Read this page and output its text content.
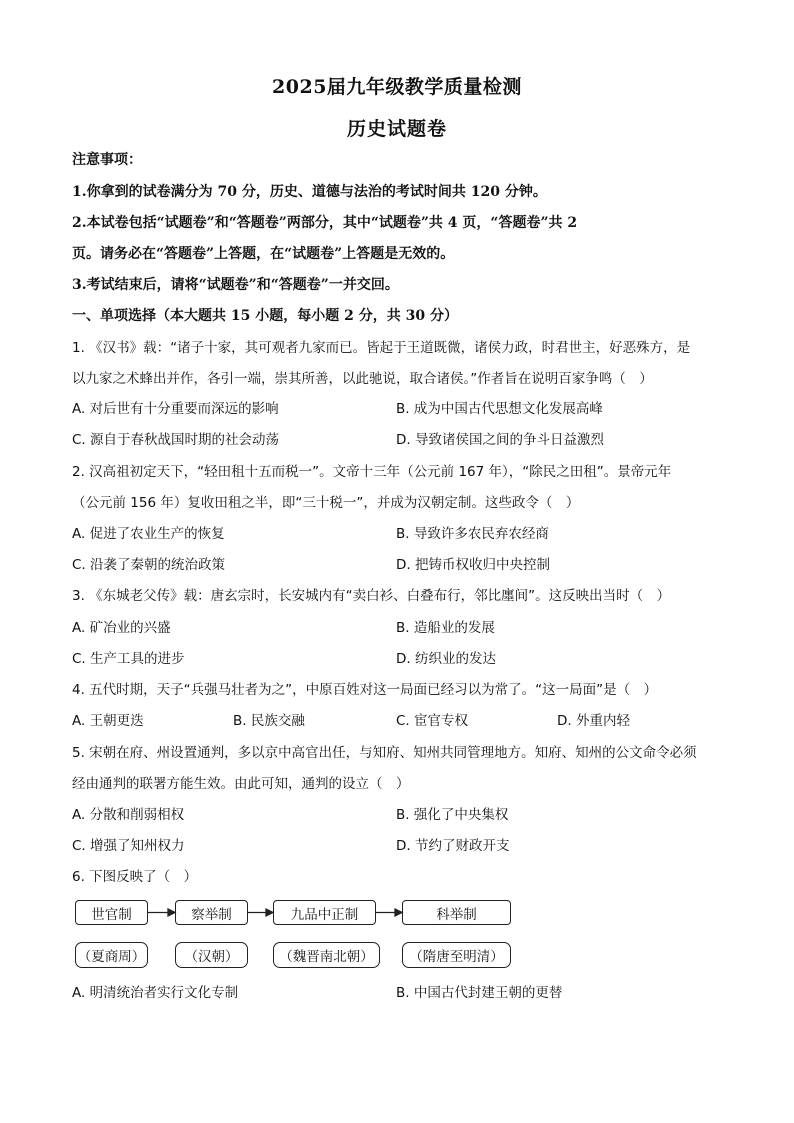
2025届九年级教学质量检测
历史试题卷
注意事项：
1.你拿到的试卷满分为 70 分，历史、道德与法治的考试时间共 120 分钟。
2.本试卷包括“试题卷”和“答题卷”两部分，其中“试题卷”共 4 页，“答题卷”共 2
页。请务必在“答题卷”上答题，在“试题卷”上答题是无效的。
3.考试结束后，请将“试题卷”和“答题卷”一并交回。
一、单项选择（本大题共 15 小题，每小题 2 分，共 30 分）
1. 《汉书》载：“诸子十家，其可观者九家而已。皆起于王道既微，诸侯力政，时君世主，好恶殊方，是
以九家之术蜂出并作，各引一端，崇其所善，以此驰说，取合诸侯。”作者旨在说明百家争鸣（　）
A. 对后世有十分重要而深远的影响	B. 成为中国古代思想文化发展高峰
C. 源自于春秋战国时期的社会动荡	D. 导致诸侯国之间的争斗日益激烈
2. 汉高祖初定天下，“轻田租十五而税一”。文帝十三年（公元前 167 年），“除民之田租”。景帝元年
（公元前 156 年）复收田租之半，即“三十税一”，并成为汉朝定制。这些政令（　）
A. 促进了农业生产的恢复	B. 导致许多农民弃农经商
C. 沿袭了秦朝的统治政策	D. 把铸币权收归中央控制
3. 《东城老父传》载：唐玄宗时，长安城内有“卖白衫、白叠布行，邻比廛间”。这反映出当时（　）
A. 矿冶业的兴盛	B. 造船业的发展
C. 生产工具的进步	D. 纺织业的发达
4. 五代时期，天子“兵强马壮者为之”，中原百姓对这一局面已经习以为常了。“这一局面”是（　）
A. 王朝更迭	B. 民族交融	C. 宦官专权	D. 外重内轻
5. 宋朝在府、州设置通判，多以京中高官出任，与知府、知州共同管理地方。知府、知州的公文命令必须
经由通判的联署方能生效。由此可知，通判的设立（　）
A. 分散和削弱相权	B. 强化了中央集权
C. 增强了知州权力	D. 节约了财政开支
6. 下图反映了（　）
世官制	察举制	九品中正制	科举制
（夏商周）	（汉朝）	（魏晋南北朝）	（隋唐至明清）
A. 明清统治者实行文化专制	B. 中国古代封建王朝的更替
